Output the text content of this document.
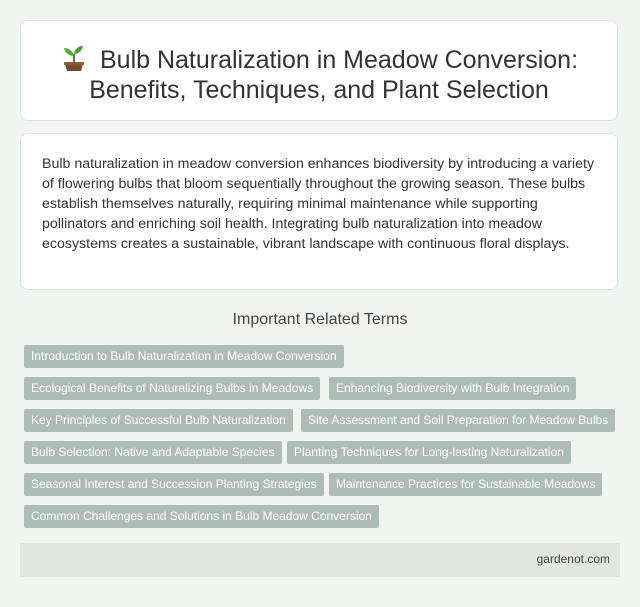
Bulb Naturalization in Meadow Conversion:
Benefits, Techniques, and Plant Selection

Bulb naturalization in meadow conversion enhances biodiversity by introducing a variety of flowering bulbs that bloom sequentially throughout the growing season. These bulbs establish themselves naturally, requiring minimal maintenance while supporting pollinators and enriching soil health. Integrating bulb naturalization into meadow ecosystems creates a sustainable, vibrant landscape with continuous floral displays.

Important Related Terms
Introduction to Bulb Naturalization in Meadow Conversion
Ecological Benefits of Naturalizing Bulbs in Meadows	Enhancing Biodiversity with Bulb Integration
Key Principles of Successful Bulb Naturalization	Site Assessment and Soil Preparation for Meadow Bulbs
Bulb Selection: Native and Adaptable Species	Planting Techniques for Long-lasting Naturalization
Seasonal Interest and Succession Planting Strategies	Maintenance Practices for Sustainable Meadows
Common Challenges and Solutions in Bulb Meadow Conversion
gardenot.com
